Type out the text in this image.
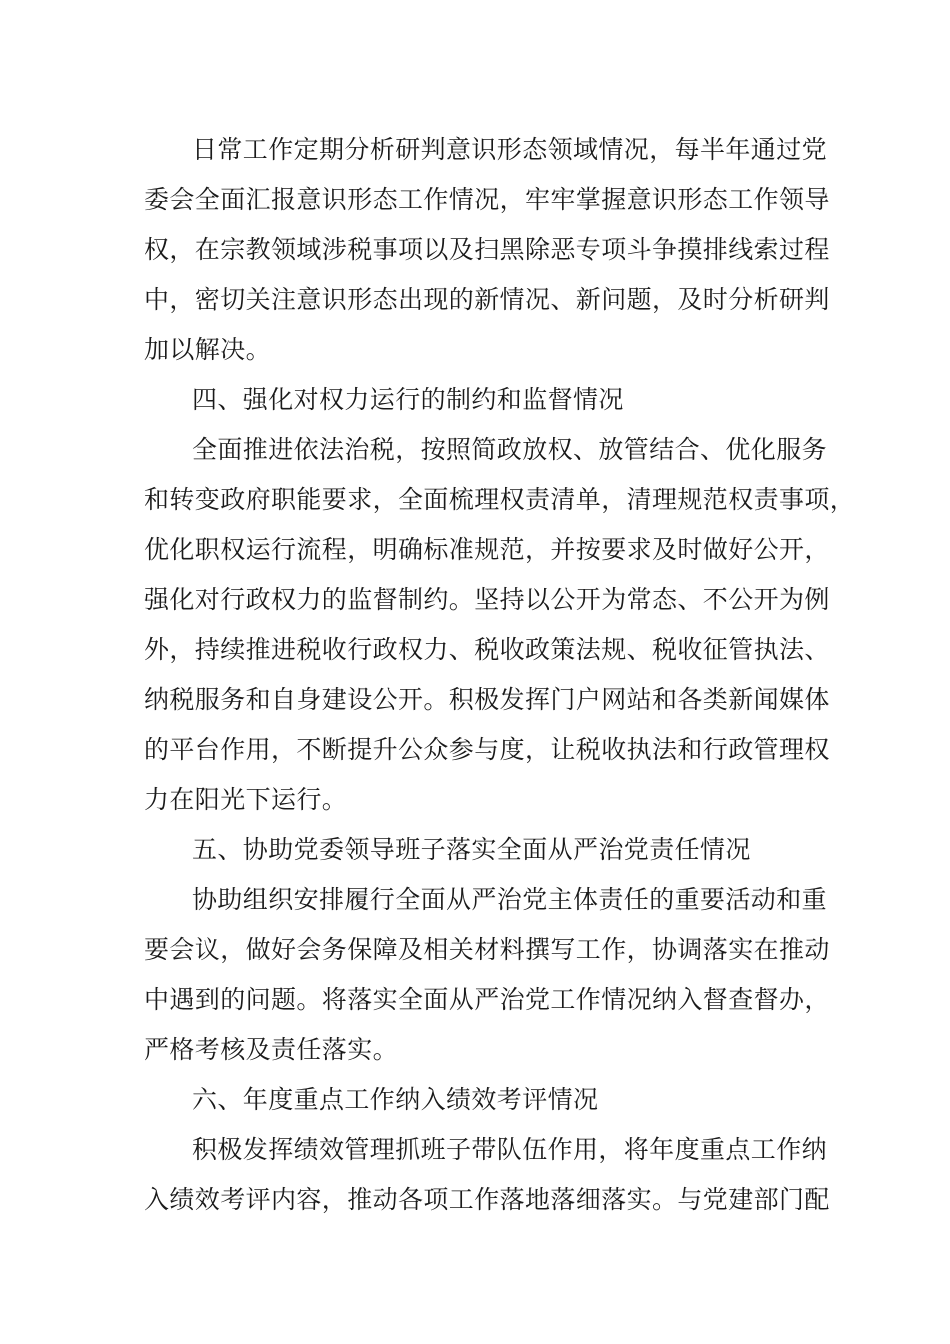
日常工作定期分析研判意识形态领域情况，每半年通过党
委会全面汇报意识形态工作情况，牢牢掌握意识形态工作领导
权，在宗教领域涉税事项以及扫黑除恶专项斗争摸排线索过程
中，密切关注意识形态出现的新情况、新问题，及时分析研判
加以解决。
四、强化对权力运行的制约和监督情况
全面推进依法治税，按照简政放权、放管结合、优化服务
和转变政府职能要求，全面梳理权责清单，清理规范权责事项，
优化职权运行流程，明确标准规范，并按要求及时做好公开，
强化对行政权力的监督制约。坚持以公开为常态、不公开为例
外，持续推进税收行政权力、税收政策法规、税收征管执法、
纳税服务和自身建设公开。积极发挥门户网站和各类新闻媒体
的平台作用，不断提升公众参与度，让税收执法和行政管理权
力在阳光下运行。
五、协助党委领导班子落实全面从严治党责任情况
协助组织安排履行全面从严治党主体责任的重要活动和重
要会议，做好会务保障及相关材料撰写工作，协调落实在推动
中遇到的问题。将落实全面从严治党工作情况纳入督查督办，
严格考核及责任落实。
六、年度重点工作纳入绩效考评情况
积极发挥绩效管理抓班子带队伍作用，将年度重点工作纳
入绩效考评内容，推动各项工作落地落细落实。与党建部门配
